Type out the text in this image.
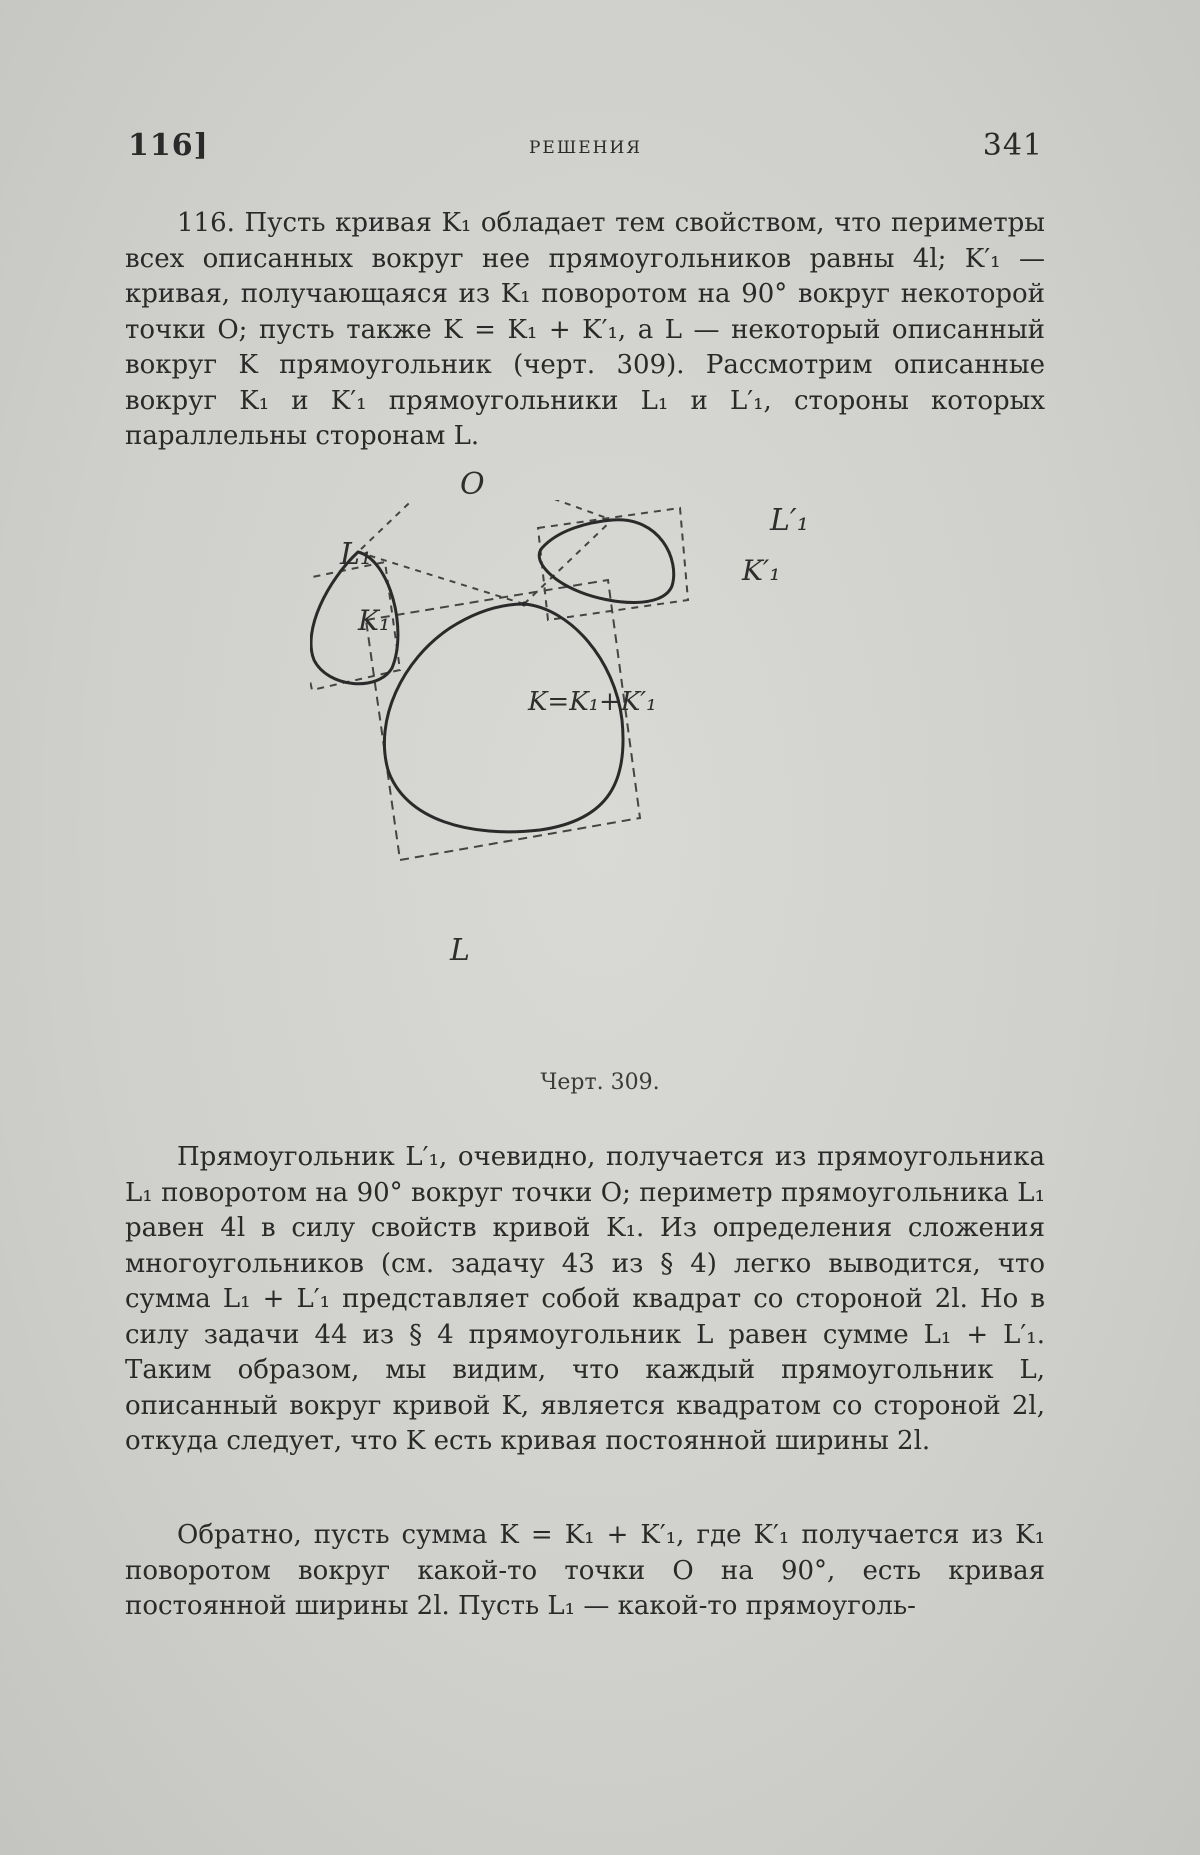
116]	РЕШЕНИЯ	341

116. Пусть кривая K₁ обладает тем свойством, что периметры всех описанных вокруг нее прямоугольников равны 4l; K′₁ — кривая, получающаяся из K₁ поворотом на 90° вокруг некоторой точки O; пусть также K = K₁ + K′₁, а L — некоторый описанный вокруг K прямоугольник (черт. 309). Рассмотрим описанные вокруг K₁ и K′₁ прямоугольники L₁ и L′₁, стороны которых параллельны сторонам L.

O
L₁
L′₁
K₁
K′₁
K=K₁+K′₁
L
Черт. 309.

Прямоугольник L′₁, очевидно, получается из прямоугольника L₁ поворотом на 90° вокруг точки O; периметр прямоугольника L₁ равен 4l в силу свойств кривой K₁. Из определения сложения многоугольников (см. задачу 43 из § 4) легко выводится, что сумма L₁ + L′₁ представляет собой квадрат со стороной 2l. Но в силу задачи 44 из § 4 прямоугольник L равен сумме L₁ + L′₁. Таким образом, мы видим, что каждый прямоугольник L, описанный вокруг кривой K, является квадратом со стороной 2l, откуда следует, что K есть кривая постоянной ширины 2l.

Обратно, пусть сумма K = K₁ + K′₁, где K′₁ получается из K₁ поворотом вокруг какой-то точки O на 90°, есть кривая постоянной ширины 2l. Пусть L₁ — какой-то прямоуголь-
